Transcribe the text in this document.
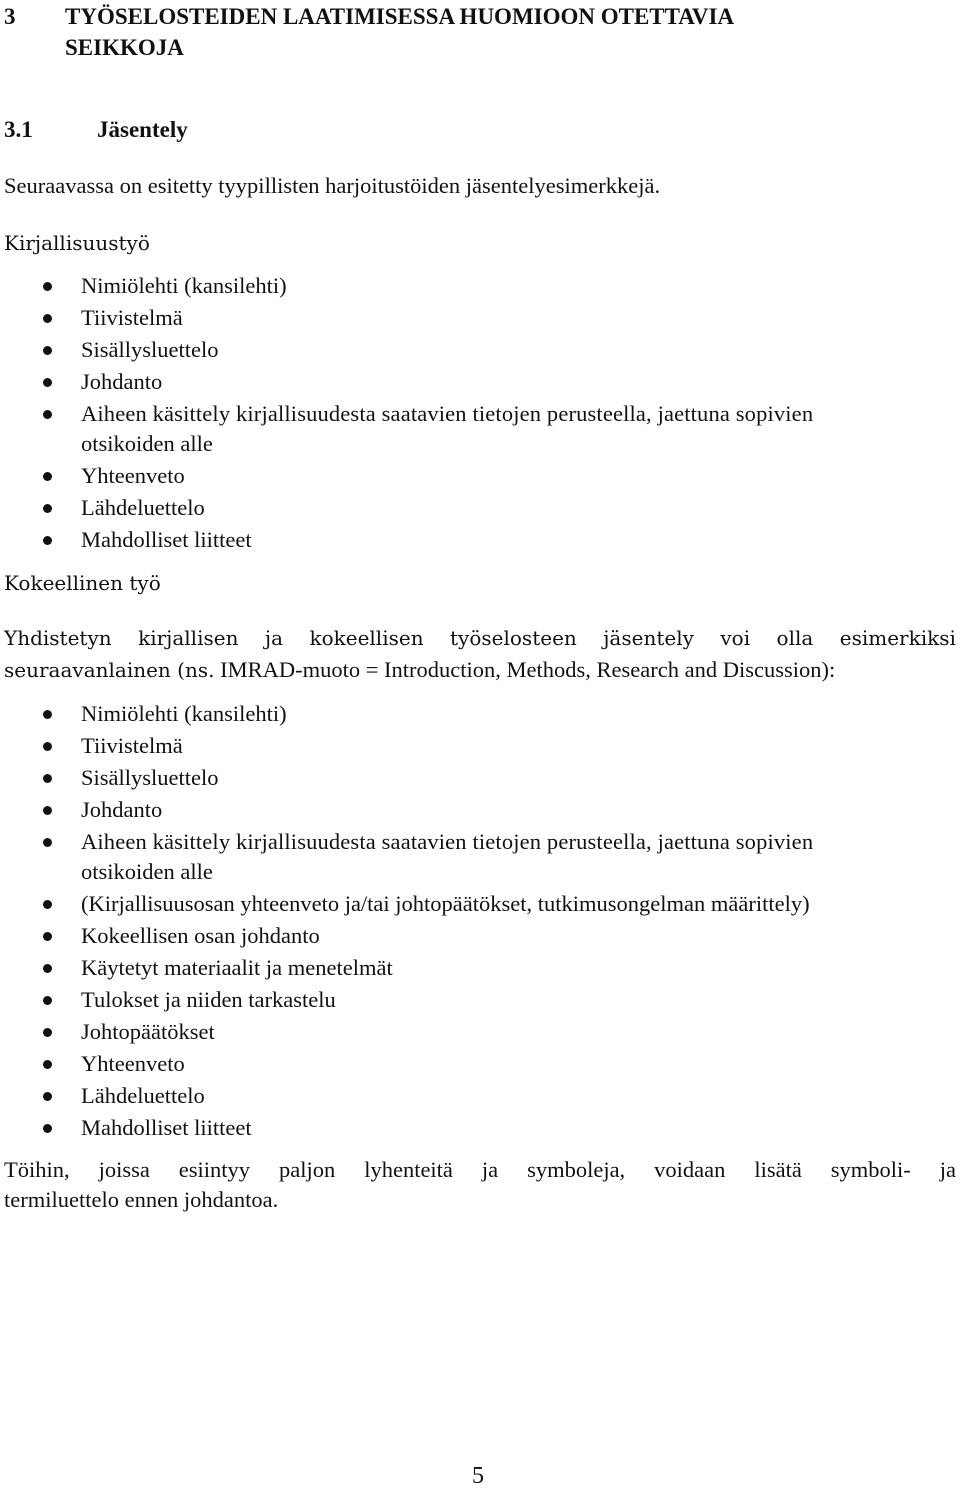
3 TYÖSELOSTEIDEN LAATIMISESSA HUOMIOON OTETTAVIA
SEIKKOJA
3.1	Jäsentely
Seuraavassa on esitetty tyypillisten harjoitustöiden jäsentelyesimerkkejä.
Kirjallisuustyö
Nimiölehti (kansilehti)
Tiivistelmä
Sisällysluettelo
Johdanto
Aiheen käsittely kirjallisuudesta saatavien tietojen perusteella, jaettuna sopivien
otsikoiden alle
Yhteenveto
Lähdeluettelo
Mahdolliset liitteet
Kokeellinen työ
Yhdistetyn kirjallisen ja kokeellisen työselosteen jäsentely voi olla esimerkiksi
seuraavanlainen (ns. IMRAD-muoto = Introduction, Methods, Research and Discussion):
Nimiölehti (kansilehti)
Tiivistelmä
Sisällysluettelo
Johdanto
Aiheen käsittely kirjallisuudesta saatavien tietojen perusteella, jaettuna sopivien
otsikoiden alle
(Kirjallisuusosan yhteenveto ja/tai johtopäätökset, tutkimusongelman määrittely)
Kokeellisen osan johdanto
Käytetyt materiaalit ja menetelmät
Tulokset ja niiden tarkastelu
Johtopäätökset
Yhteenveto
Lähdeluettelo
Mahdolliset liitteet
Töihin, joissa esiintyy paljon lyhenteitä ja symboleja, voidaan lisätä symboli- ja
termiluettelo ennen johdantoa.
5
